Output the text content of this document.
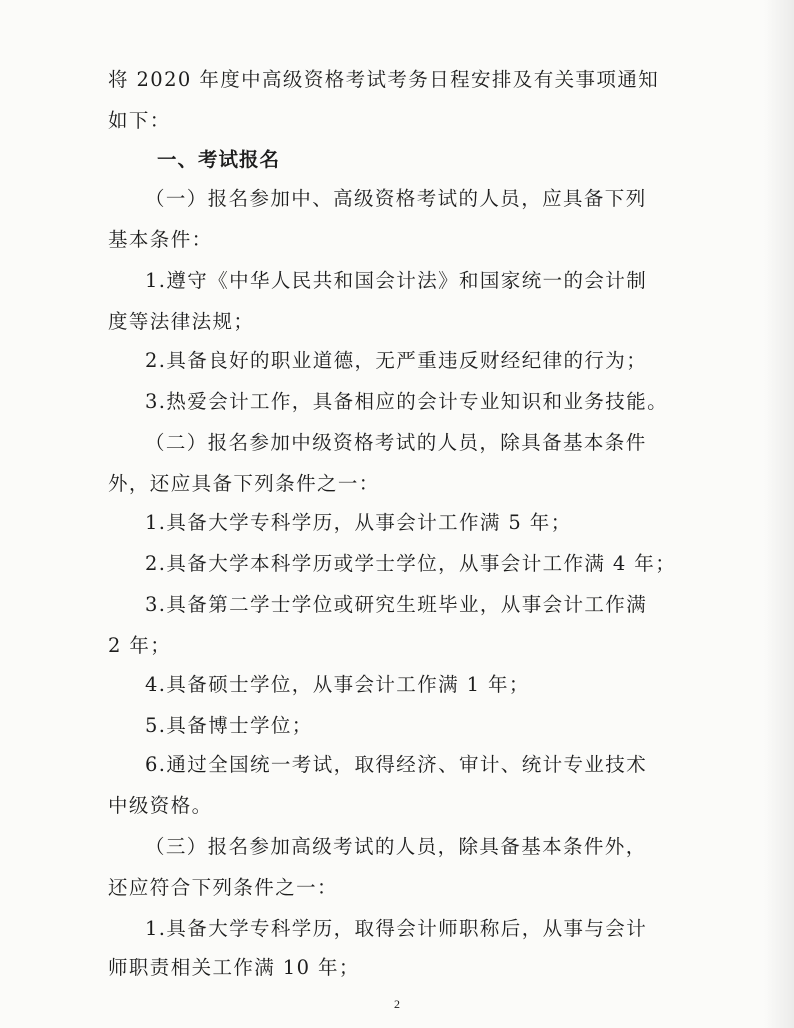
将 2020 年度中高级资格考试考务日程安排及有关事项通知
如下：
一、考试报名
（一）报名参加中、高级资格考试的人员，应具备下列
基本条件：
1.遵守《中华人民共和国会计法》和国家统一的会计制
度等法律法规；
2.具备良好的职业道德，无严重违反财经纪律的行为；
3.热爱会计工作，具备相应的会计专业知识和业务技能。
（二）报名参加中级资格考试的人员，除具备基本条件
外，还应具备下列条件之一：
1.具备大学专科学历，从事会计工作满 5 年；
2.具备大学本科学历或学士学位，从事会计工作满 4 年；
3.具备第二学士学位或研究生班毕业，从事会计工作满
2 年；
4.具备硕士学位，从事会计工作满 1 年；
5.具备博士学位；
6.通过全国统一考试，取得经济、审计、统计专业技术
中级资格。
（三）报名参加高级考试的人员，除具备基本条件外，
还应符合下列条件之一：
1.具备大学专科学历，取得会计师职称后，从事与会计
师职责相关工作满 10 年；
2
